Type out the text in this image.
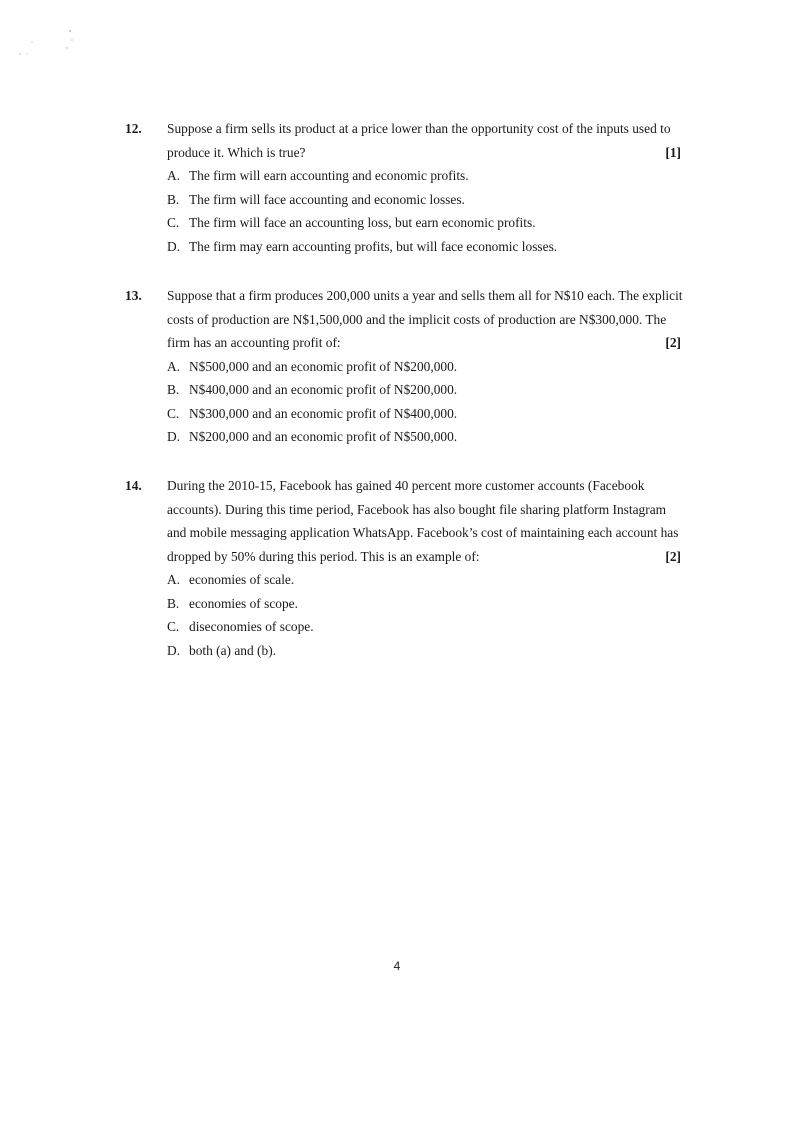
12. Suppose a firm sells its product at a price lower than the opportunity cost of the inputs used to
produce it. Which is true?	[1]
A. The firm will earn accounting and economic profits.
B. The firm will face accounting and economic losses.
C. The firm will face an accounting loss, but earn economic profits.
D. The firm may earn accounting profits, but will face economic losses.
13. Suppose that a firm produces 200,000 units a year and sells them all for N$10 each. The explicit
costs of production are N$1,500,000 and the implicit costs of production are N$300,000. The
firm has an accounting profit of:	[2]
A. N$500,000 and an economic profit of N$200,000.
B. N$400,000 and an economic profit of N$200,000.
C. N$300,000 and an economic profit of N$400,000.
D. N$200,000 and an economic profit of N$500,000.
14. During the 2010-15, Facebook has gained 40 percent more customer accounts (Facebook
accounts). During this time period, Facebook has also bought file sharing platform Instagram
and mobile messaging application WhatsApp. Facebook’s cost of maintaining each account has
dropped by 50% during this period. This is an example of:	[2]
A. economies of scale.
B. economies of scope.
C. diseconomies of scope.
D. both (a) and (b).
4
